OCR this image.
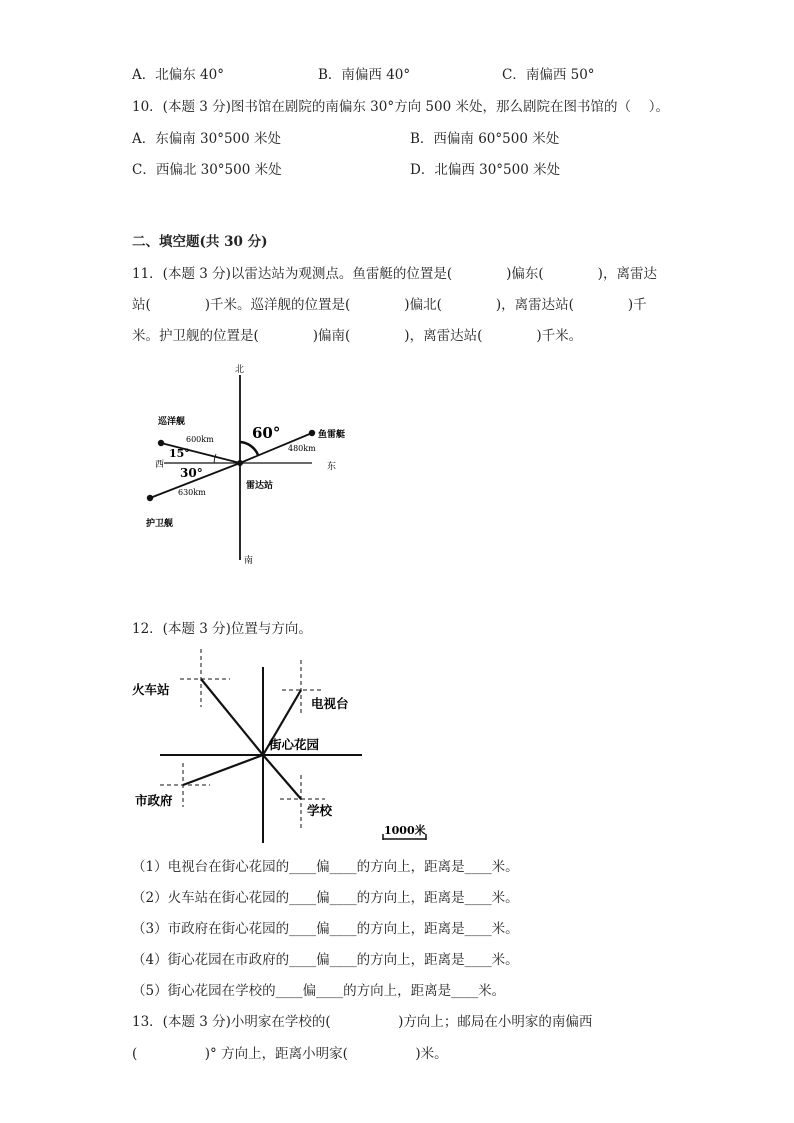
A．北偏东 40°	B．南偏西 40°	C．南偏西 50°
10．(本题 3 分)图书馆在剧院的南偏东 30°方向 500 米处，那么剧院在图书馆的（　 ）。
A．东偏南 30°500 米处	B．西偏南 60°500 米处
C．西偏北 30°500 米处	D．北偏西 30°500 米处
二、填空题(共 30 分)
11．(本题 3 分)以雷达站为观测点。鱼雷艇的位置是(　　　　)偏东(　　　　)，离雷达
站(　　　　)千米。巡洋舰的位置是(　　　　)偏北(　　　　)，离雷达站(　　　　)千
米。护卫舰的位置是(　　　　)偏南(　　　　)，离雷达站(　　　　)千米。
北
南
西	东
巡洋舰
鱼雷艇
护卫舰
雷达站
600km
480km
630km
60°
15°
30°
12．(本题 3 分)位置与方向。
火车站
电视台
街心花园
市政府
学校
1000米
（1）电视台在街心花园的____偏____的方向上，距离是____米。
（2）火车站在街心花园的____偏____的方向上，距离是____米。
（3）市政府在街心花园的____偏____的方向上，距离是____米。
（4）街心花园在市政府的____偏____的方向上，距离是____米。
（5）街心花园在学校的____偏____的方向上，距离是____米。
13．(本题 3 分)小明家在学校的(　　　　　)方向上；邮局在小明家的南偏西
(　　　　　)° 方向上，距离小明家(　　　　　)米。
